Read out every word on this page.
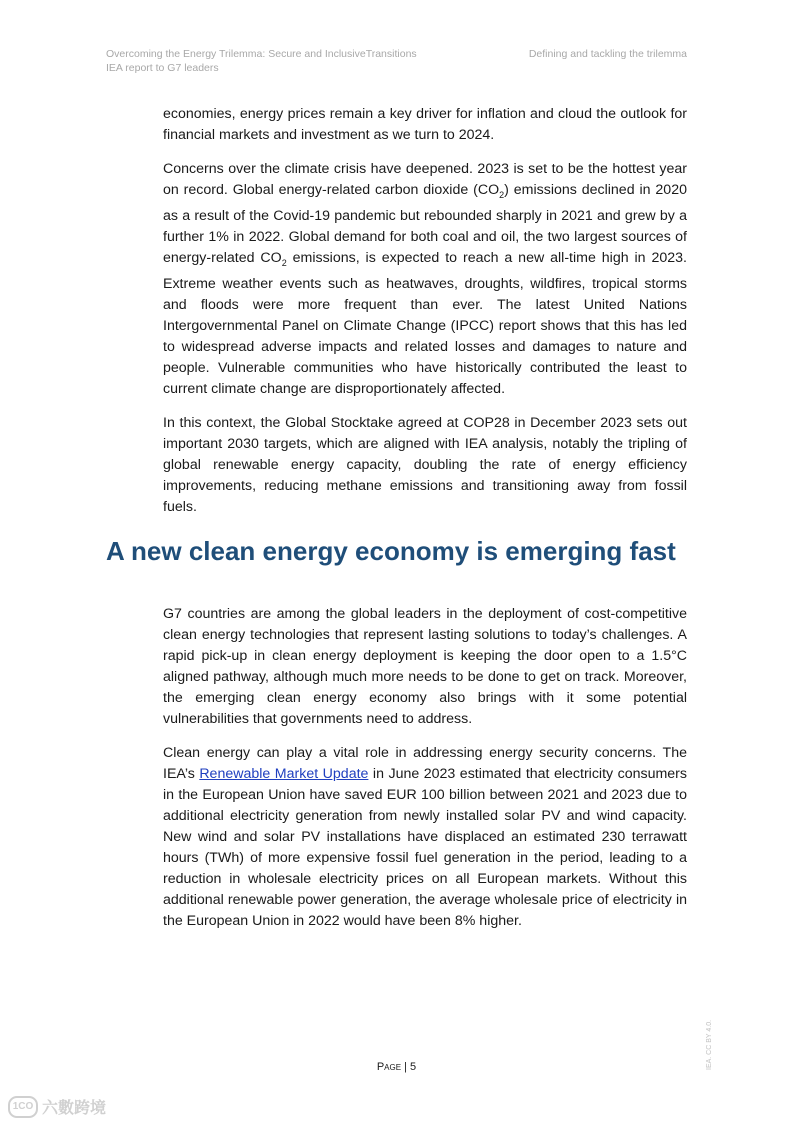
Overcoming the Energy Trilemma: Secure and InclusiveTransitions
IEA report to G7 leaders
Defining and tackling the trilemma

economies, energy prices remain a key driver for inflation and cloud the outlook for financial markets and investment as we turn to 2024.

Concerns over the climate crisis have deepened. 2023 is set to be the hottest year on record. Global energy-related carbon dioxide $(CO_2)$ emissions declined in 2020 as a result of the Covid-19 pandemic but rebounded sharply in 2021 and grew by a further 1% in 2022. Global demand for both coal and oil, the two largest sources of energy-related $CO_2$ emissions, is expected to reach a new all-time high in 2023. Extreme weather events such as heatwaves, droughts, wildfires, tropical storms and floods were more frequent than ever. The latest United Nations Intergovernmental Panel on Climate Change (IPCC) report shows that this has led to widespread adverse impacts and related losses and damages to nature and people. Vulnerable communities who have historically contributed the least to current climate change are disproportionately affected.

In this context, the Global Stocktake agreed at COP28 in December 2023 sets out important 2030 targets, which are aligned with IEA analysis, notably the tripling of global renewable energy capacity, doubling the rate of energy efficiency improvements, reducing methane emissions and transitioning away from fossil fuels.

A new clean energy economy is emerging fast

G7 countries are among the global leaders in the deployment of cost-competitive clean energy technologies that represent lasting solutions to today’s challenges. A rapid pick-up in clean energy deployment is keeping the door open to a 1.5°C aligned pathway, although much more needs to be done to get on track. Moreover, the emerging clean energy economy also brings with it some potential vulnerabilities that governments need to address.

Clean energy can play a vital role in addressing energy security concerns. The IEA’s Renewable Market Update in June 2023 estimated that electricity consumers in the European Union have saved EUR 100 billion between 2021 and 2023 due to additional electricity generation from newly installed solar PV and wind capacity. New wind and solar PV installations have displaced an estimated 230 terrawatt hours (TWh) of more expensive fossil fuel generation in the period, leading to a reduction in wholesale electricity prices on all European markets. Without this additional renewable power generation, the average wholesale price of electricity in the European Union in 2022 would have been 8% higher.

Page | 5	IEA. CC BY 4.0.
1CO 六數跨境
